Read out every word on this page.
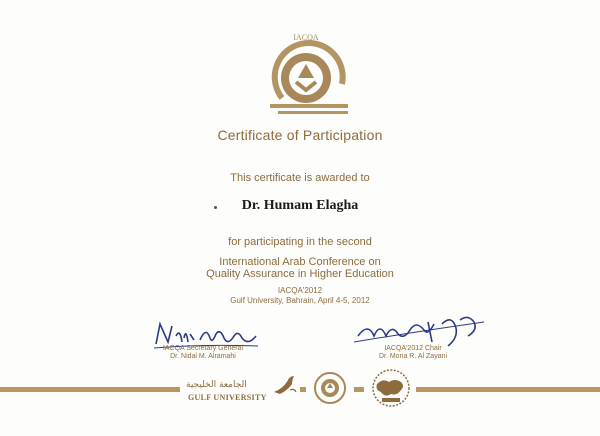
IACQA
Certificate of Participation
This certificate is awarded to
Dr. Humam Elagha
for participating in the second
International Arab Conference on
Quality Assurance in Higher Education
IACQA'2012
Gulf University, Bahrain, April 4-5, 2012
IACQA Secretary General
Dr. Nidal M. Alramahi
IACQA'2012 Chair
Dr. Mona R. Al Zayani
الجامعة الخليجية
GULF UNIVERSITY
